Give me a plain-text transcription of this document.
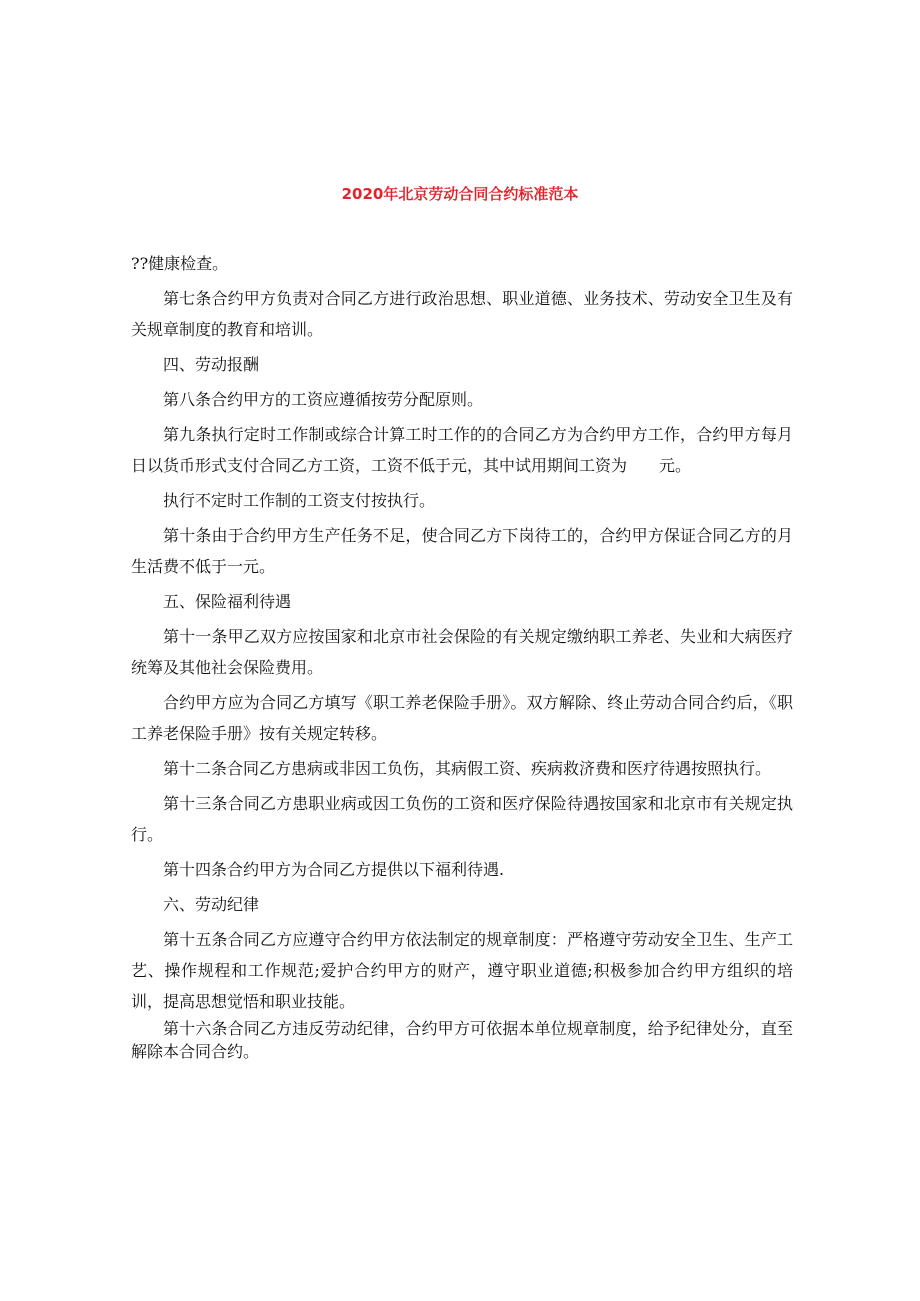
2020年北京劳动合同合约标准范本

??健康检查。

第七条合约甲方负责对合同乙方进行政治思想、职业道德、业务技术、劳动安全卫生及有关规章制度的教育和培训。

四、劳动报酬

第八条合约甲方的工资应遵循按劳分配原则。

第九条执行定时工作制或综合计算工时工作的的合同乙方为合约甲方工作，合约甲方每月日以货币形式支付合同乙方工资，工资不低于元，其中试用期间工资为　　元。

执行不定时工作制的工资支付按执行。

第十条由于合约甲方生产任务不足，使合同乙方下岗待工的，合约甲方保证合同乙方的月生活费不低于一元。

五、保险福利待遇

第十一条甲乙双方应按国家和北京市社会保险的有关规定缴纳职工养老、失业和大病医疗统筹及其他社会保险费用。

合约甲方应为合同乙方填写《职工养老保险手册》。双方解除、终止劳动合同合约后，《职工养老保险手册》按有关规定转移。

第十二条合同乙方患病或非因工负伤，其病假工资、疾病救济费和医疗待遇按照执行。

第十三条合同乙方患职业病或因工负伤的工资和医疗保险待遇按国家和北京市有关规定执行。

第十四条合约甲方为合同乙方提供以下福利待遇.

六、劳动纪律

第十五条合同乙方应遵守合约甲方依法制定的规章制度：严格遵守劳动安全卫生、生产工艺、操作规程和工作规范;爱护合约甲方的财产，遵守职业道德;积极参加合约甲方组织的培训，提高思想觉悟和职业技能。

第十六条合同乙方违反劳动纪律，合约甲方可依据本单位规章制度，给予纪律处分，直至解除本合同合约。
